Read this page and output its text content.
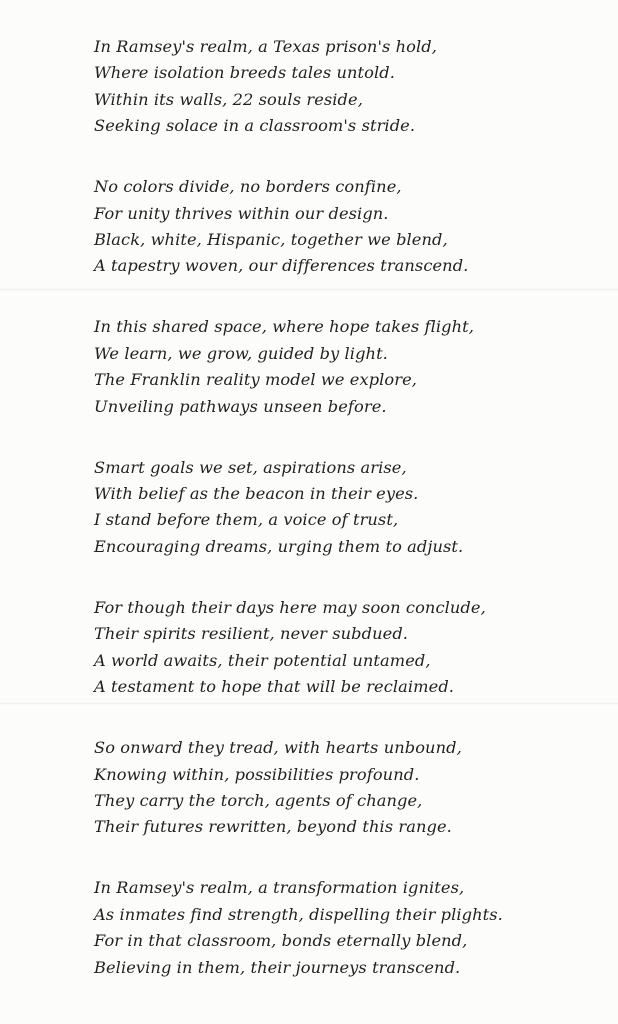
In Ramsey's realm, a Texas prison's hold,
Where isolation breeds tales untold.
Within its walls, 22 souls reside,
Seeking solace in a classroom's stride.
No colors divide, no borders confine,
For unity thrives within our design.
Black, white, Hispanic, together we blend,
A tapestry woven, our differences transcend.
In this shared space, where hope takes flight,
We learn, we grow, guided by light.
The Franklin reality model we explore,
Unveiling pathways unseen before.
Smart goals we set, aspirations arise,
With belief as the beacon in their eyes.
I stand before them, a voice of trust,
Encouraging dreams, urging them to adjust.
For though their days here may soon conclude,
Their spirits resilient, never subdued.
A world awaits, their potential untamed,
A testament to hope that will be reclaimed.
So onward they tread, with hearts unbound,
Knowing within, possibilities profound.
They carry the torch, agents of change,
Their futures rewritten, beyond this range.
In Ramsey's realm, a transformation ignites,
As inmates find strength, dispelling their plights.
For in that classroom, bonds eternally blend,
Believing in them, their journeys transcend.
